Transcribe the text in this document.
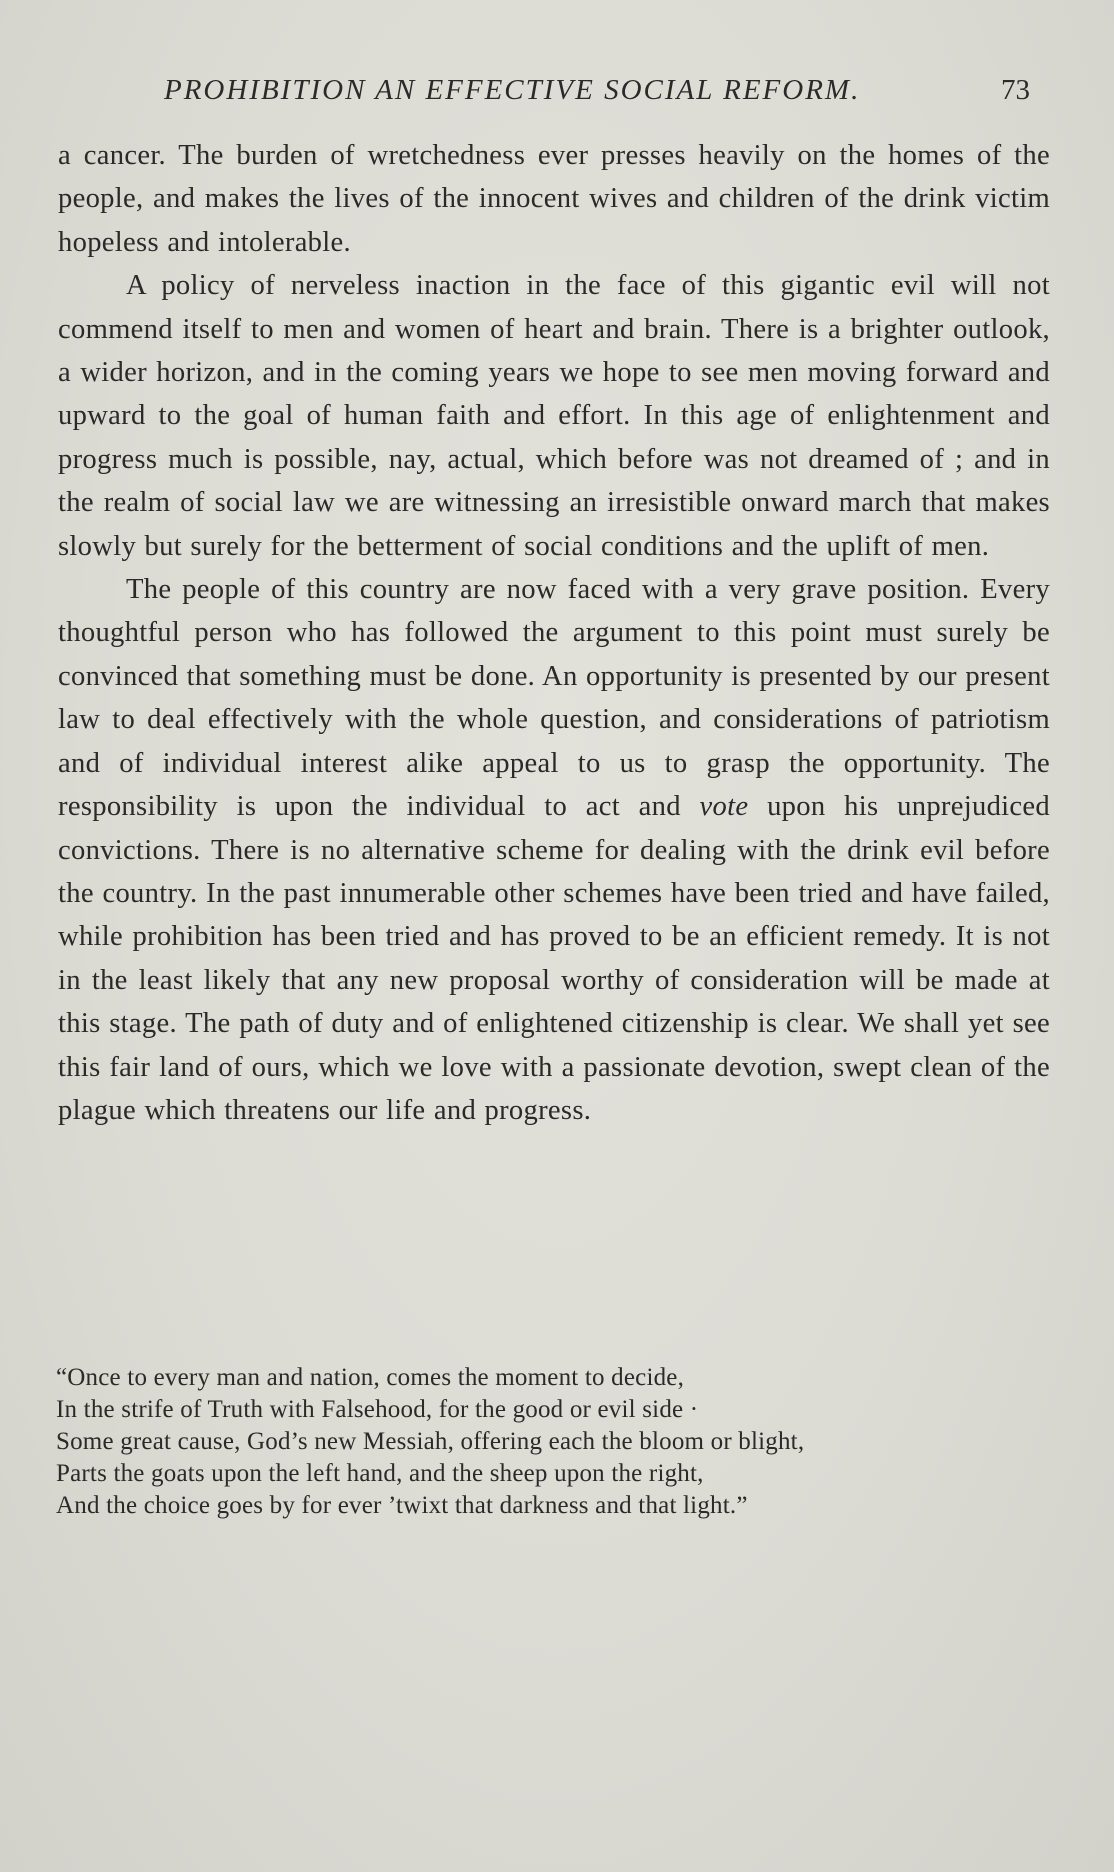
PROHIBITION AN EFFECTIVE SOCIAL REFORM.	73

a cancer. The burden of wretchedness ever presses heavily on the homes of the people, and makes the lives of the innocent wives and children of the drink victim hopeless and intolerable.

A policy of nerveless inaction in the face of this gigantic evil will not commend itself to men and women of heart and brain. There is a brighter outlook, a wider horizon, and in the coming years we hope to see men moving forward and upward to the goal of human faith and effort. In this age of enlightenment and progress much is possible, nay, actual, which before was not dreamed of ; and in the realm of social law we are witnessing an irresistible onward march that makes slowly but surely for the betterment of social conditions and the uplift of men.

The people of this country are now faced with a very grave position. Every thoughtful person who has followed the argument to this point must surely be convinced that something must be done. An opportunity is presented by our present law to deal effectively with the whole question, and considerations of patriotism and of individual interest alike appeal to us to grasp the opportunity. The responsibility is upon the individual to act and vote upon his unprejudiced convictions. There is no alternative scheme for dealing with the drink evil before the country. In the past innumerable other schemes have been tried and have failed, while prohibition has been tried and has proved to be an efficient remedy. It is not in the least likely that any new proposal worthy of consideration will be made at this stage. The path of duty and of enlightened citizenship is clear. We shall yet see this fair land of ours, which we love with a passionate devotion, swept clean of the plague which threatens our life and progress.

“Once to every man and nation, comes the moment to decide,
In the strife of Truth with Falsehood, for the good or evil side ·
Some great cause, God’s new Messiah, offering each the bloom or blight,
Parts the goats upon the left hand, and the sheep upon the right,
And the choice goes by for ever ’twixt that darkness and that light.”
